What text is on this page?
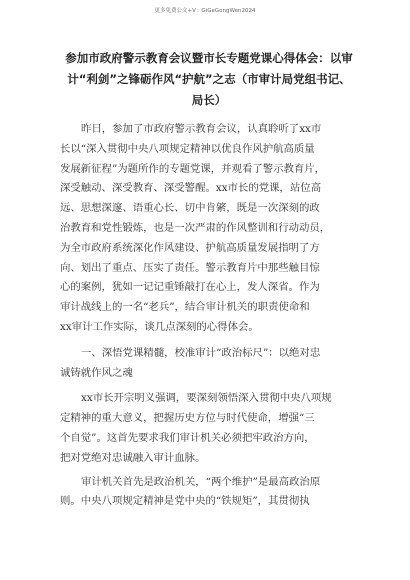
更多免费公文+V：GiGeGongWen2024
参加市政府警示教育会议暨市长专题党课心得体会：以审
计“利剑”之锋砺作风“护航”之志（市审计局党组书记、
局长）
昨日，参加了市政府警示教育会议，认真聆听了xx市
长以“深入贯彻中央八项规定精神以优良作风护航高质量
发展新征程”为题所作的专题党课，并观看了警示教育片，
深受触动、深受教育、深受警醒。xx市长的党课，站位高
远、思想深邃、语重心长、切中肯綮，既是一次深刻的政
治教育和党性锻炼，也是一次严肃的作风整训和行动动员，
为全市政府系统深化作风建设、护航高质量发展指明了方
向、划出了重点、压实了责任。警示教育片中那些触目惊
心的案例，犹如一记记重锤敲打在心上，发人深省。作为
审计战线上的一名“老兵”，结合审计机关的职责使命和
xx审计工作实际，谈几点深刻的心得体会。
一、深悟党课精髓，校准审计“政治标尺”：以绝对忠
诚铸就作风之魂
xx市长开宗明义强调，要深刻领悟深入贯彻中央八项规
定精神的重大意义，把握历史方位与时代使命，增强“三
个自觉”。这首先要求我们审计机关必须把牢政治方向，
把对党绝对忠诚融入审计血脉。
审计机关首先是政治机关，“两个维护”是最高政治原
则。中央八项规定精神是党中央的“铁规矩”，其贯彻执
